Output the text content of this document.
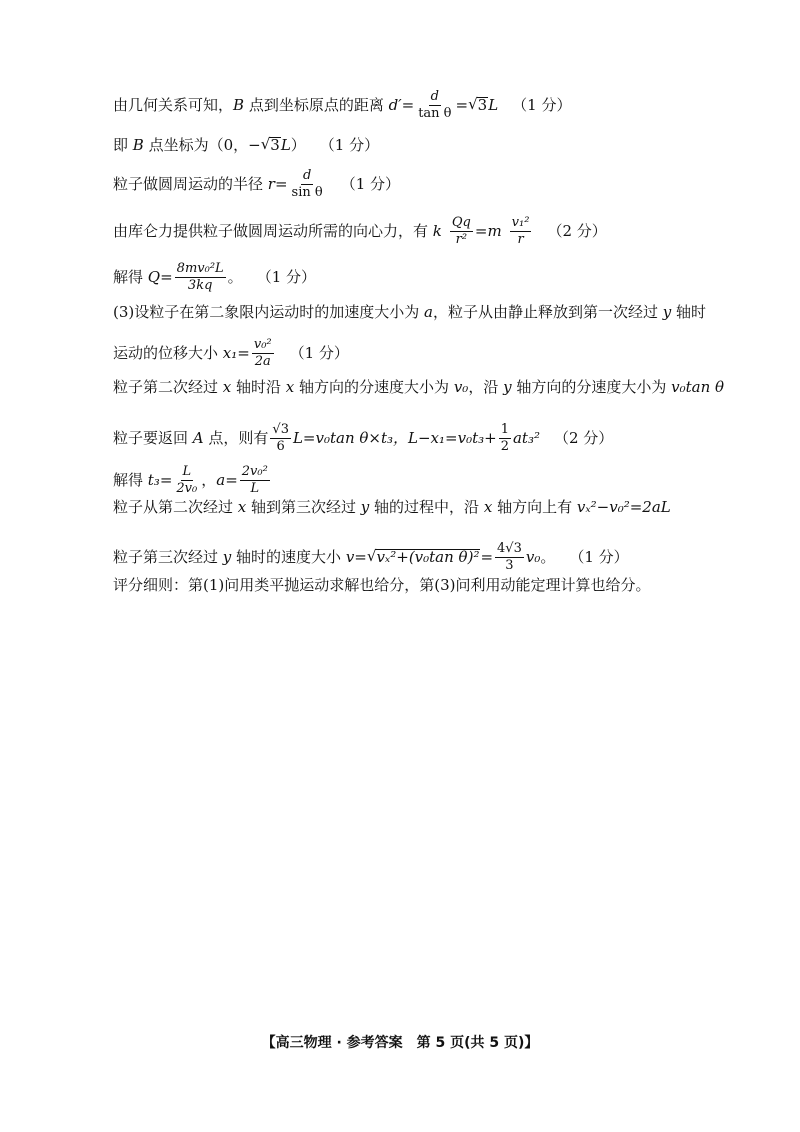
由几何关系可知， B 点到坐标原点的距离 $d' = \frac{d}{\text{tan θ}}$ = √ 3 L （1 分）
即 B 点坐标为（0，− √ 3 L ） （1 分）
粒子做圆周运动的半径 $r = \frac{d}{\text{sin θ}} (1$ 分）
由库仑力提供粒子做圆周运动所需的向心力，有 k $\frac{Qq}{\text{r²}} = m \frac{\text{v₁²}}{r} (2$ 分）
解得 $Q = \frac{\text{8mv₀²L}}{3kq}$ 。 （1 分）
(3)设粒子在第二象限内运动时的加速度大小为 a ，粒子从由静止释放到第一次经过 y 轴时
运动的位移大小 $x_1 = \frac{\text{v₀²}}{2a} (1$ 分）
粒子第二次经过 x 轴时沿 x 轴方向的分速度大小为 v₀ ，沿 y 轴方向的分速度大小为 v₀tan θ
粒子要返回 A 点，则有 $\frac{√3}{6} L=v_0\tan$ θ×t₃，$L-x_1=v_0t_3+ \frac{1}{2} at_3^2$ （2 分）
解得 $t_3 = \frac{L}{\text{2v₀}}$ ， $a = \frac{\text{2v₀²}}{L}$
粒子从第二次经过 x 轴到第三次经过 y 轴的过程中，沿 x 轴方向上有 vₓ²−v₀²=2aL
粒子第三次经过 y 轴时的速度大小 v = √ vₓ²+(v₀tan $\theta)^2 = \frac{4√3}{3} v_0$ 。 （1 分）
评分细则：第(1)问用类平抛运动求解也给分，第(3)问利用动能定理计算也给分。
【高三物理 · 参考答案　第 5 页(共 5 页)】
